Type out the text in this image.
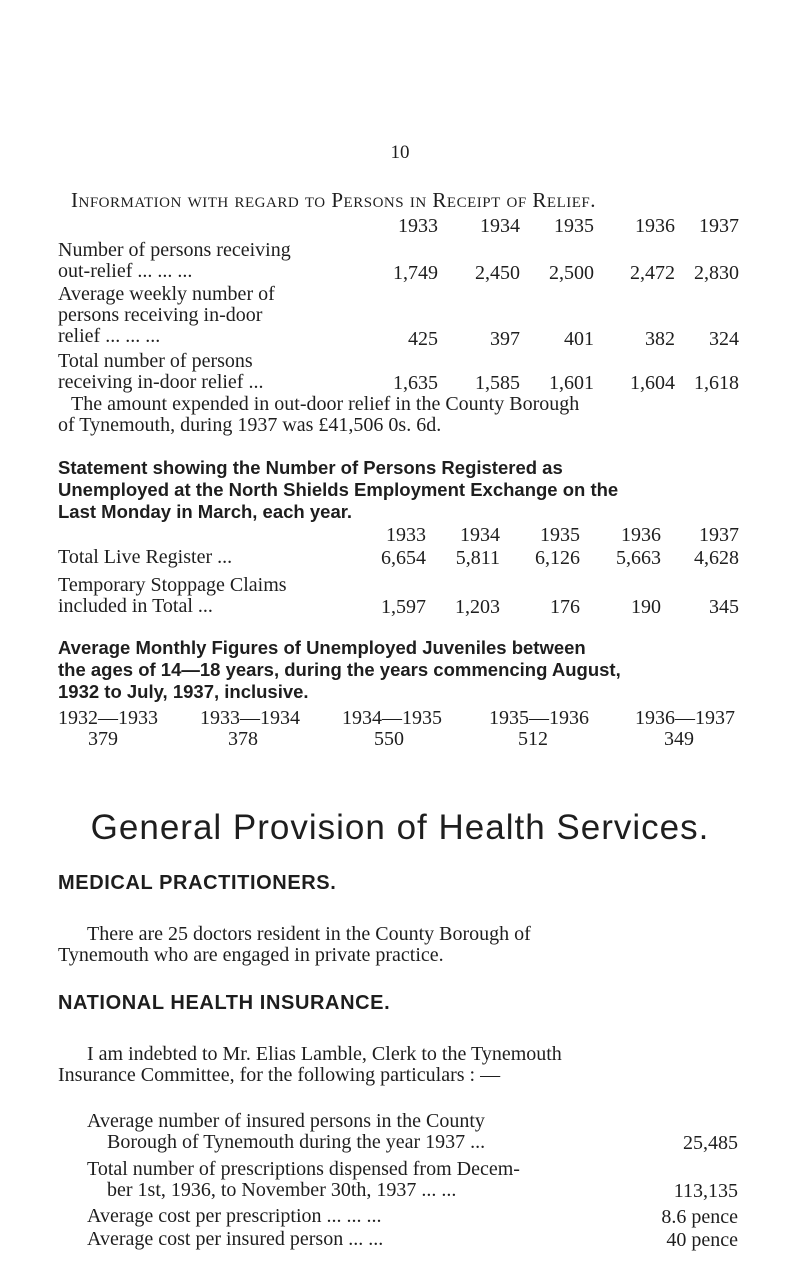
10
Information with regard to Persons in Receipt of Relief.
1933	1934	1935	1936	1937
Number of persons receiving
out-relief ... ... ...	1,749	2,450	2,500	2,472 2,830
Average weekly number of
persons receiving in-door
relief ... ... ...	425	397	401	382	324
Total number of persons
receiving in-door relief ...	1,635	1,585	1,601	1,604 1,618
The amount expended in out-door relief in the County Borough
of Tynemouth, during 1937 was £41,506 0s. 6d.
Statement showing the Number of Persons Registered as
Unemployed at the North Shields Employment Exchange on the
Last Monday in March, each year.
1933	1934	1935	1936	1937
Total Live Register ...	6,654	5,811	6,126	5,663	4,628
Temporary Stoppage Claims
included in Total ...	1,597	1,203	176	190	345
Average Monthly Figures of Unemployed Juveniles between
the ages of 14—18 years, during the years commencing August,
1932 to July, 1937, inclusive.
1932—1933 1933—1934 1934—1935 1935—1936 1936—1937
379	378	550	512	349
General Provision of Health Services.
MEDICAL PRACTITIONERS.
There are 25 doctors resident in the County Borough of
Tynemouth who are engaged in private practice.
NATIONAL HEALTH INSURANCE.
I am indebted to Mr. Elias Lamble, Clerk to the Tynemouth
Insurance Committee, for the following particulars : —
Average number of insured persons in the County
Borough of Tynemouth during the year 1937 ...	25,485
Total number of prescriptions dispensed from Decem-
ber 1st, 1936, to November 30th, 1937 ... ...	113,135
Average cost per prescription ... ... ...	8.6 pence
Average cost per insured person ... ...	40 pence
